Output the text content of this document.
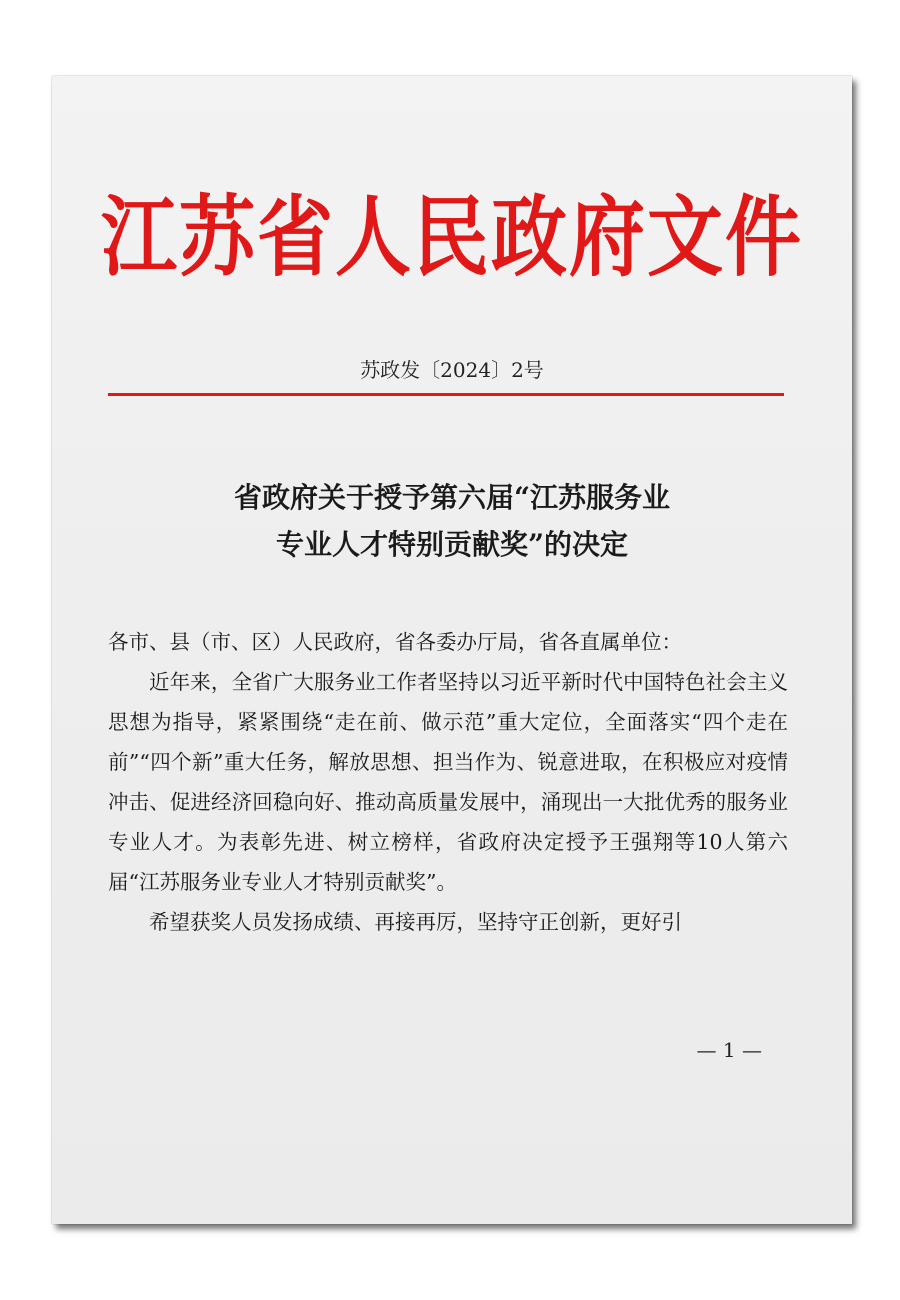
江苏省人民政府文件
苏政发〔2024〕2号
省政府关于授予第六届“江苏服务业
专业人才特别贡献奖”的决定

各市、县（市、区）人民政府，省各委办厅局，省各直属单位：

近年来，全省广大服务业工作者坚持以习近平新时代中国特色社会主义思想为指导，紧紧围绕“走在前、做示范”重大定位，全面落实“四个走在前”“四个新”重大任务，解放思想、担当作为、锐意进取，在积极应对疫情冲击、促进经济回稳向好、推动高质量发展中，涌现出一大批优秀的服务业专业人才。为表彰先进、树立榜样，省政府决定授予王强翔等10人第六届“江苏服务业专业人才特别贡献奖”。

希望获奖人员发扬成绩、再接再厉，坚持守正创新，更好引

— 1 —
